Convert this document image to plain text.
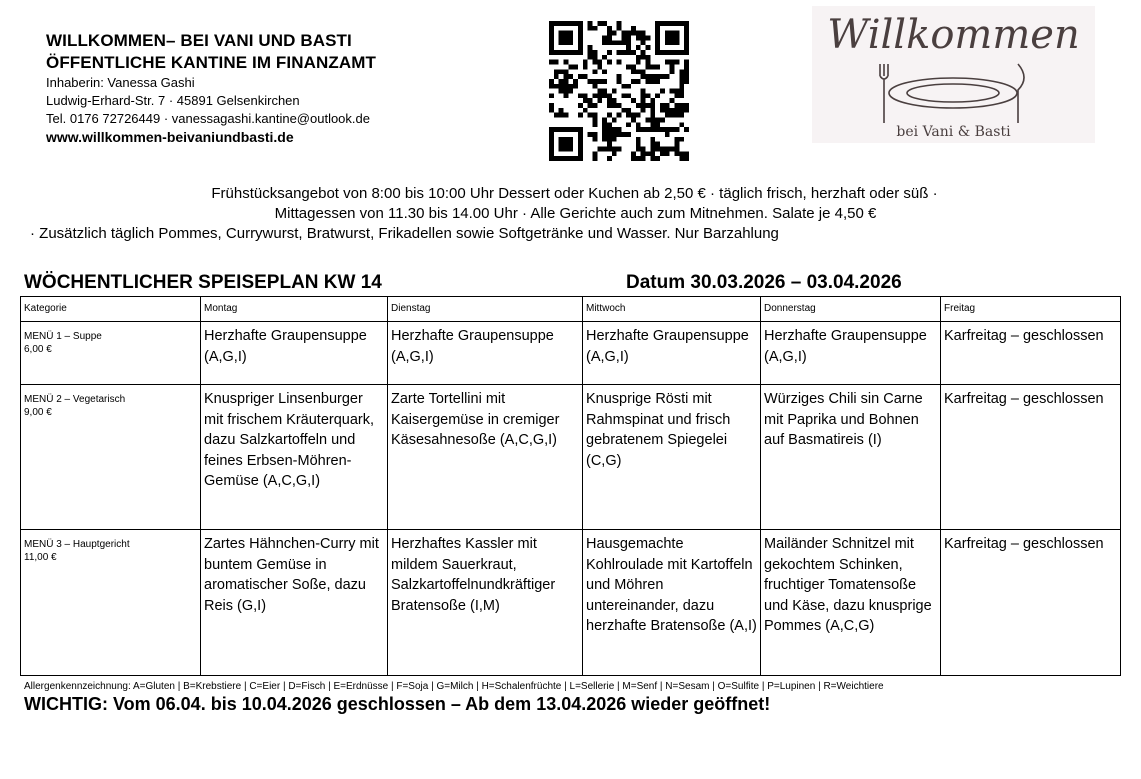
WILLKOMMEN– BEI VANI UND BASTI
ÖFFENTLICHE KANTINE IM FINANZAMT
Inhaberin: Vanessa Gashi
Ludwig-Erhard-Str. 7 · 45891 Gelsenkirchen
Tel. 0176 72726449 · vanessagashi.kantine@outlook.de
www.willkommen-beivaniundbasti.de
Willkommen
bei Vani & Basti
Frühstücksangebot von 8:00 bis 10:00 Uhr Dessert oder Kuchen ab 2,50 € · täglich frisch, herzhaft oder süß ·
Mittagessen von 11.30 bis 14.00 Uhr · Alle Gerichte auch zum Mitnehmen. Salate je 4,50 €
· Zusätzlich täglich Pommes, Currywurst, Bratwurst, Frikadellen sowie Softgetränke und Wasser. Nur Barzahlung
WÖCHENTLICHER SPEISEPLAN KW 14	Datum 30.03.2026 – 03.04.2026
Kategorie	Montag	Dienstag	Mittwoch	Donnerstag	Freitag

MENÜ 1 – Suppe
6,00 €	Herzhafte Graupensuppe (A,G,I)	Herzhafte Graupensuppe (A,G,I)	Herzhafte Graupensuppe (A,G,I)	Herzhafte Graupensuppe (A,G,I)	Karfreitag – geschlossen

MENÜ 2 – Vegetarisch
9,00 €	Knuspriger Linsenburger mit frischem Kräuterquark, dazu Salzkartoffeln und feines Erbsen-Möhren-Gemüse (A,C,G,I)	Zarte Tortellini mit Kaisergemüse in cremiger Käsesahnesoße (A,C,G,I)	Knusprige Rösti mit Rahmspinat und frisch gebratenem Spiegelei (C,G)	Würziges Chili sin Carne mit Paprika und Bohnen auf Basmatireis (I)	Karfreitag – geschlossen

MENÜ 3 – Hauptgericht
11,00 €	Zartes Hähnchen-Curry mit buntem Gemüse in aromatischer Soße, dazu Reis (G,I)	Herzhaftes Kassler mit mildem Sauerkraut, Salzkartoffelnundkräftiger Bratensoße (I,M)	Hausgemachte Kohlroulade mit Kartoffeln und Möhren untereinander, dazu herzhafte Bratensoße (A,I)	Mailänder Schnitzel mit gekochtem Schinken, fruchtiger Tomatensoße und Käse, dazu knusprige Pommes (A,C,G)	Karfreitag – geschlossen
Allergenkennzeichnung: A=Gluten | B=Krebstiere | C=Eier | D=Fisch | E=Erdnüsse | F=Soja | G=Milch | H=Schalenfrüchte | L=Sellerie | M=Senf | N=Sesam | O=Sulfite | P=Lupinen | R=Weichtiere
WICHTIG: Vom 06.04. bis 10.04.2026 geschlossen – Ab dem 13.04.2026 wieder geöffnet!
